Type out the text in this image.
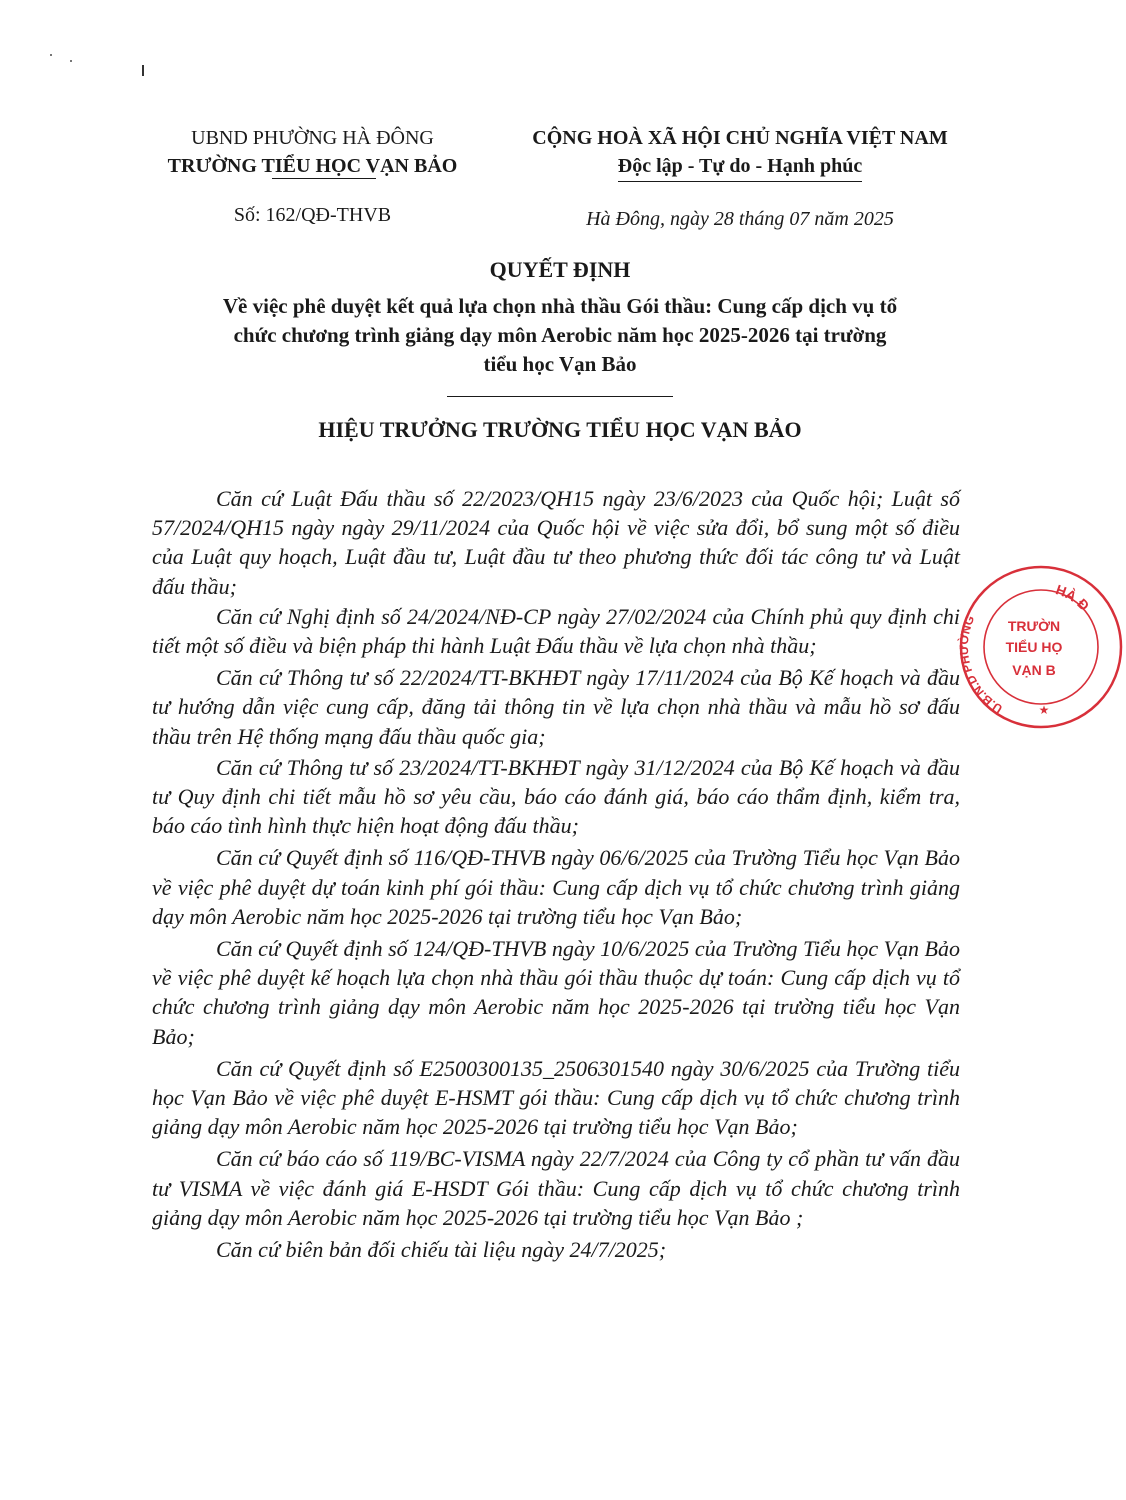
UBND PHƯỜNG HÀ ĐÔNG
TRƯỜNG TIỂU HỌC VẠN BẢO
CỘNG HOÀ XÃ HỘI CHỦ NGHĨA VIỆT NAM
Độc lập - Tự do - Hạnh phúc
Số: 162/QĐ-THVB	Hà Đông, ngày 28 tháng 07 năm 2025
QUYẾT ĐỊNH
Về việc phê duyệt kết quả lựa chọn nhà thầu Gói thầu: Cung cấp dịch vụ tổ
chức chương trình giảng dạy môn Aerobic năm học 2025-2026 tại trường
tiểu học Vạn Bảo
HIỆU TRƯỞNG TRƯỜNG TIỂU HỌC VẠN BẢO

Căn cứ Luật Đấu thầu số 22/2023/QH15 ngày 23/6/2023 của Quốc hội; Luật số 57/2024/QH15 ngày ngày 29/11/2024 của Quốc hội về việc sửa đổi, bổ sung một số điều của Luật quy hoạch, Luật đầu tư, Luật đầu tư theo phương thức đối tác công tư và Luật đấu thầu;

Căn cứ Nghị định số 24/2024/NĐ-CP ngày 27/02/2024 của Chính phủ quy định chi tiết một số điều và biện pháp thi hành Luật Đấu thầu về lựa chọn nhà thầu;

Căn cứ Thông tư số 22/2024/TT-BKHĐT ngày 17/11/2024 của Bộ Kế hoạch và đầu tư hướng dẫn việc cung cấp, đăng tải thông tin về lựa chọn nhà thầu và mẫu hồ sơ đấu thầu trên Hệ thống mạng đấu thầu quốc gia;

Căn cứ Thông tư số 23/2024/TT-BKHĐT ngày 31/12/2024 của Bộ Kế hoạch và đầu tư Quy định chi tiết mẫu hồ sơ yêu cầu, báo cáo đánh giá, báo cáo thẩm định, kiểm tra, báo cáo tình hình thực hiện hoạt động đấu thầu;

Căn cứ Quyết định số 116/QĐ-THVB ngày 06/6/2025 của Trường Tiểu học Vạn Bảo về việc phê duyệt dự toán kinh phí gói thầu: Cung cấp dịch vụ tổ chức chương trình giảng dạy môn Aerobic năm học 2025-2026 tại trường tiểu học Vạn Bảo;

Căn cứ Quyết định số 124/QĐ-THVB ngày 10/6/2025 của Trường Tiểu học Vạn Bảo về việc phê duyệt kế hoạch lựa chọn nhà thầu gói thầu thuộc dự toán: Cung cấp dịch vụ tổ chức chương trình giảng dạy môn Aerobic năm học 2025-2026 tại trường tiểu học Vạn Bảo;

Căn cứ Quyết định số E2500300135_2506301540 ngày 30/6/2025 của Trường tiểu học Vạn Bảo về việc phê duyệt E-HSMT gói thầu: Cung cấp dịch vụ tổ chức chương trình giảng dạy môn Aerobic năm học 2025-2026 tại trường tiểu học Vạn Bảo;

Căn cứ báo cáo số 119/BC-VISMA ngày 22/7/2024 của Công ty cổ phần tư vấn đầu tư VISMA về việc đánh giá E-HSDT Gói thầu: Cung cấp dịch vụ tổ chức chương trình giảng dạy môn Aerobic năm học 2025-2026 tại trường tiểu học Vạn Bảo ;

Căn cứ biên bản đối chiếu tài liệu ngày 24/7/2025;

HÀ Đ
U.B.N.D PHƯỜNG	TRƯỜN
TIỂU HỌ
VẠN B
★
